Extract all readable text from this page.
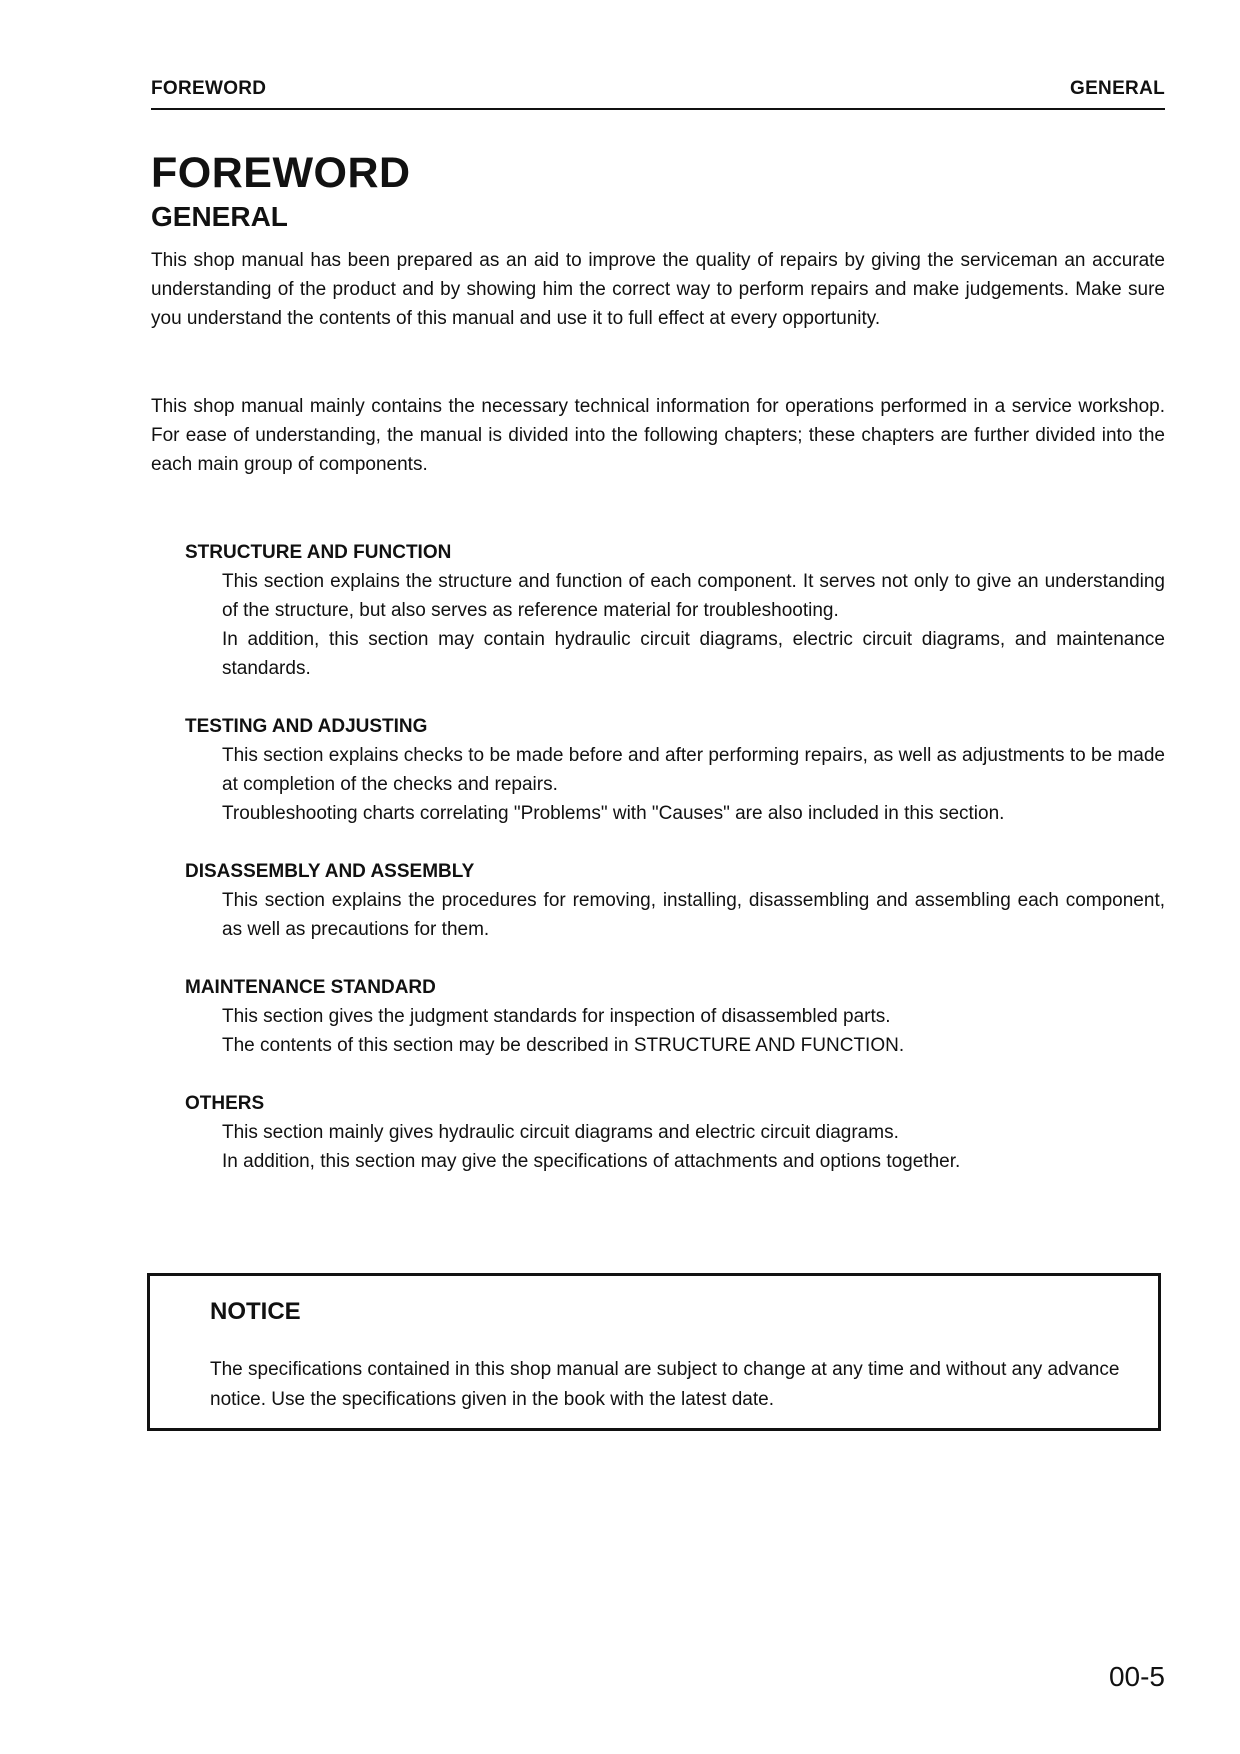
FOREWORD	GENERAL
FOREWORD
GENERAL
This shop manual has been prepared as an aid to improve the quality of repairs by giving the serviceman an accurate understanding of the product and by showing him the correct way to perform repairs and make judgements. Make sure you understand the contents of this manual and use it to full effect at every opportunity.
This shop manual mainly contains the necessary technical information for operations performed in a service workshop. For ease of understanding, the manual is divided into the following chapters; these chapters are further divided into the each main group of components.
STRUCTURE AND FUNCTION
This section explains the structure and function of each component. It serves not only to give an understanding of the structure, but also serves as reference material for troubleshooting.
In addition, this section may contain hydraulic circuit diagrams, electric circuit diagrams, and maintenance standards.
TESTING AND ADJUSTING
This section explains checks to be made before and after performing repairs, as well as adjustments to be made at completion of the checks and repairs.
Troubleshooting charts correlating "Problems" with "Causes" are also included in this section.
DISASSEMBLY AND ASSEMBLY
This section explains the procedures for removing, installing, disassembling and assembling each component, as well as precautions for them.
MAINTENANCE STANDARD
This section gives the judgment standards for inspection of disassembled parts.
The contents of this section may be described in STRUCTURE AND FUNCTION.
OTHERS
This section mainly gives hydraulic circuit diagrams and electric circuit diagrams.
In addition, this section may give the specifications of attachments and options together.
NOTICE
The specifications contained in this shop manual are subject to change at any time and without any advance notice. Use the specifications given in the book with the latest date.
00-5
